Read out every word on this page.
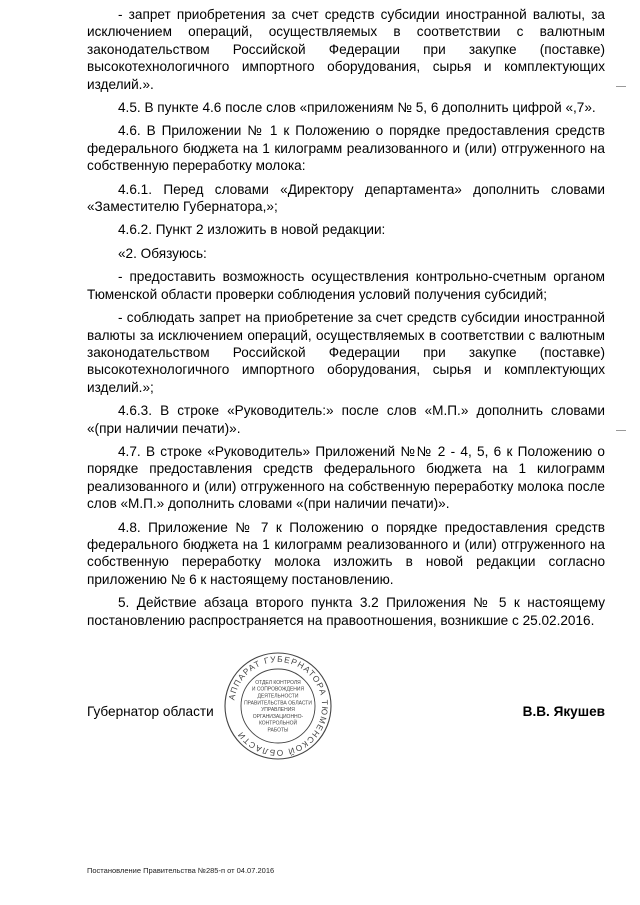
- запрет приобретения за счет средств субсидии иностранной валюты, за исключением операций, осуществляемых в соответствии с валютным законодательством Российской Федерации при закупке (поставке) высокотехнологичного импортного оборудования, сырья и комплектующих изделий.».

4.5. В пункте 4.6 после слов «приложениям № 5, 6 дополнить цифрой «,7».

4.6. В Приложении № 1 к Положению о порядке предоставления средств федерального бюджета на 1 килограмм реализованного и (или) отгруженного на собственную переработку молока:

4.6.1. Перед словами «Директору департамента» дополнить словами «Заместителю Губернатора,»;

4.6.2. Пункт 2 изложить в новой редакции:

«2. Обязуюсь:

- предоставить возможность осуществления контрольно-счетным органом Тюменской области проверки соблюдения условий получения субсидий;

- соблюдать запрет на приобретение за счет средств субсидии иностранной валюты за исключением операций, осуществляемых в соответствии с валютным законодательством Российской Федерации при закупке (поставке) высокотехнологичного импортного оборудования, сырья и комплектующих изделий.»;

4.6.3. В строке «Руководитель:» после слов «М.П.» дополнить словами «(при наличии печати)».

4.7. В строке «Руководитель» Приложений №№ 2 - 4, 5, 6 к Положению о порядке предоставления средств федерального бюджета на 1 килограмм реализованного и (или) отгруженного на собственную переработку молока после слов «М.П.» дополнить словами «(при наличии печати)».

4.8. Приложение № 7 к Положению о порядке предоставления средств федерального бюджета на 1 килограмм реализованного и (или) отгруженного на собственную переработку молока изложить в новой редакции согласно приложению № 6 к настоящему постановлению.

5. Действие абзаца второго пункта 3.2 Приложения № 5 к настоящему постановлению распространяется на правоотношения, возникшие с 25.02.2016.

АППАРАТ ГУБЕРНАТОРА ТЮМЕНСКОЙ ОБЛАСТИ
ОТДЕЛ КОНТРОЛЯ
И СОПРОВОЖДЕНИЯ
ДЕЯТЕЛЬНОСТИ
ПРАВИТЕЛЬСТВА ОБЛАСТИ
УПРАВЛЕНИЯ
ОРГАНИЗАЦИОННО-
КОНТРОЛЬНОЙ
РАБОТЫ
Губернатор области	В.В. Якушев
Постановление Правительства №285-п от 04.07.2016
